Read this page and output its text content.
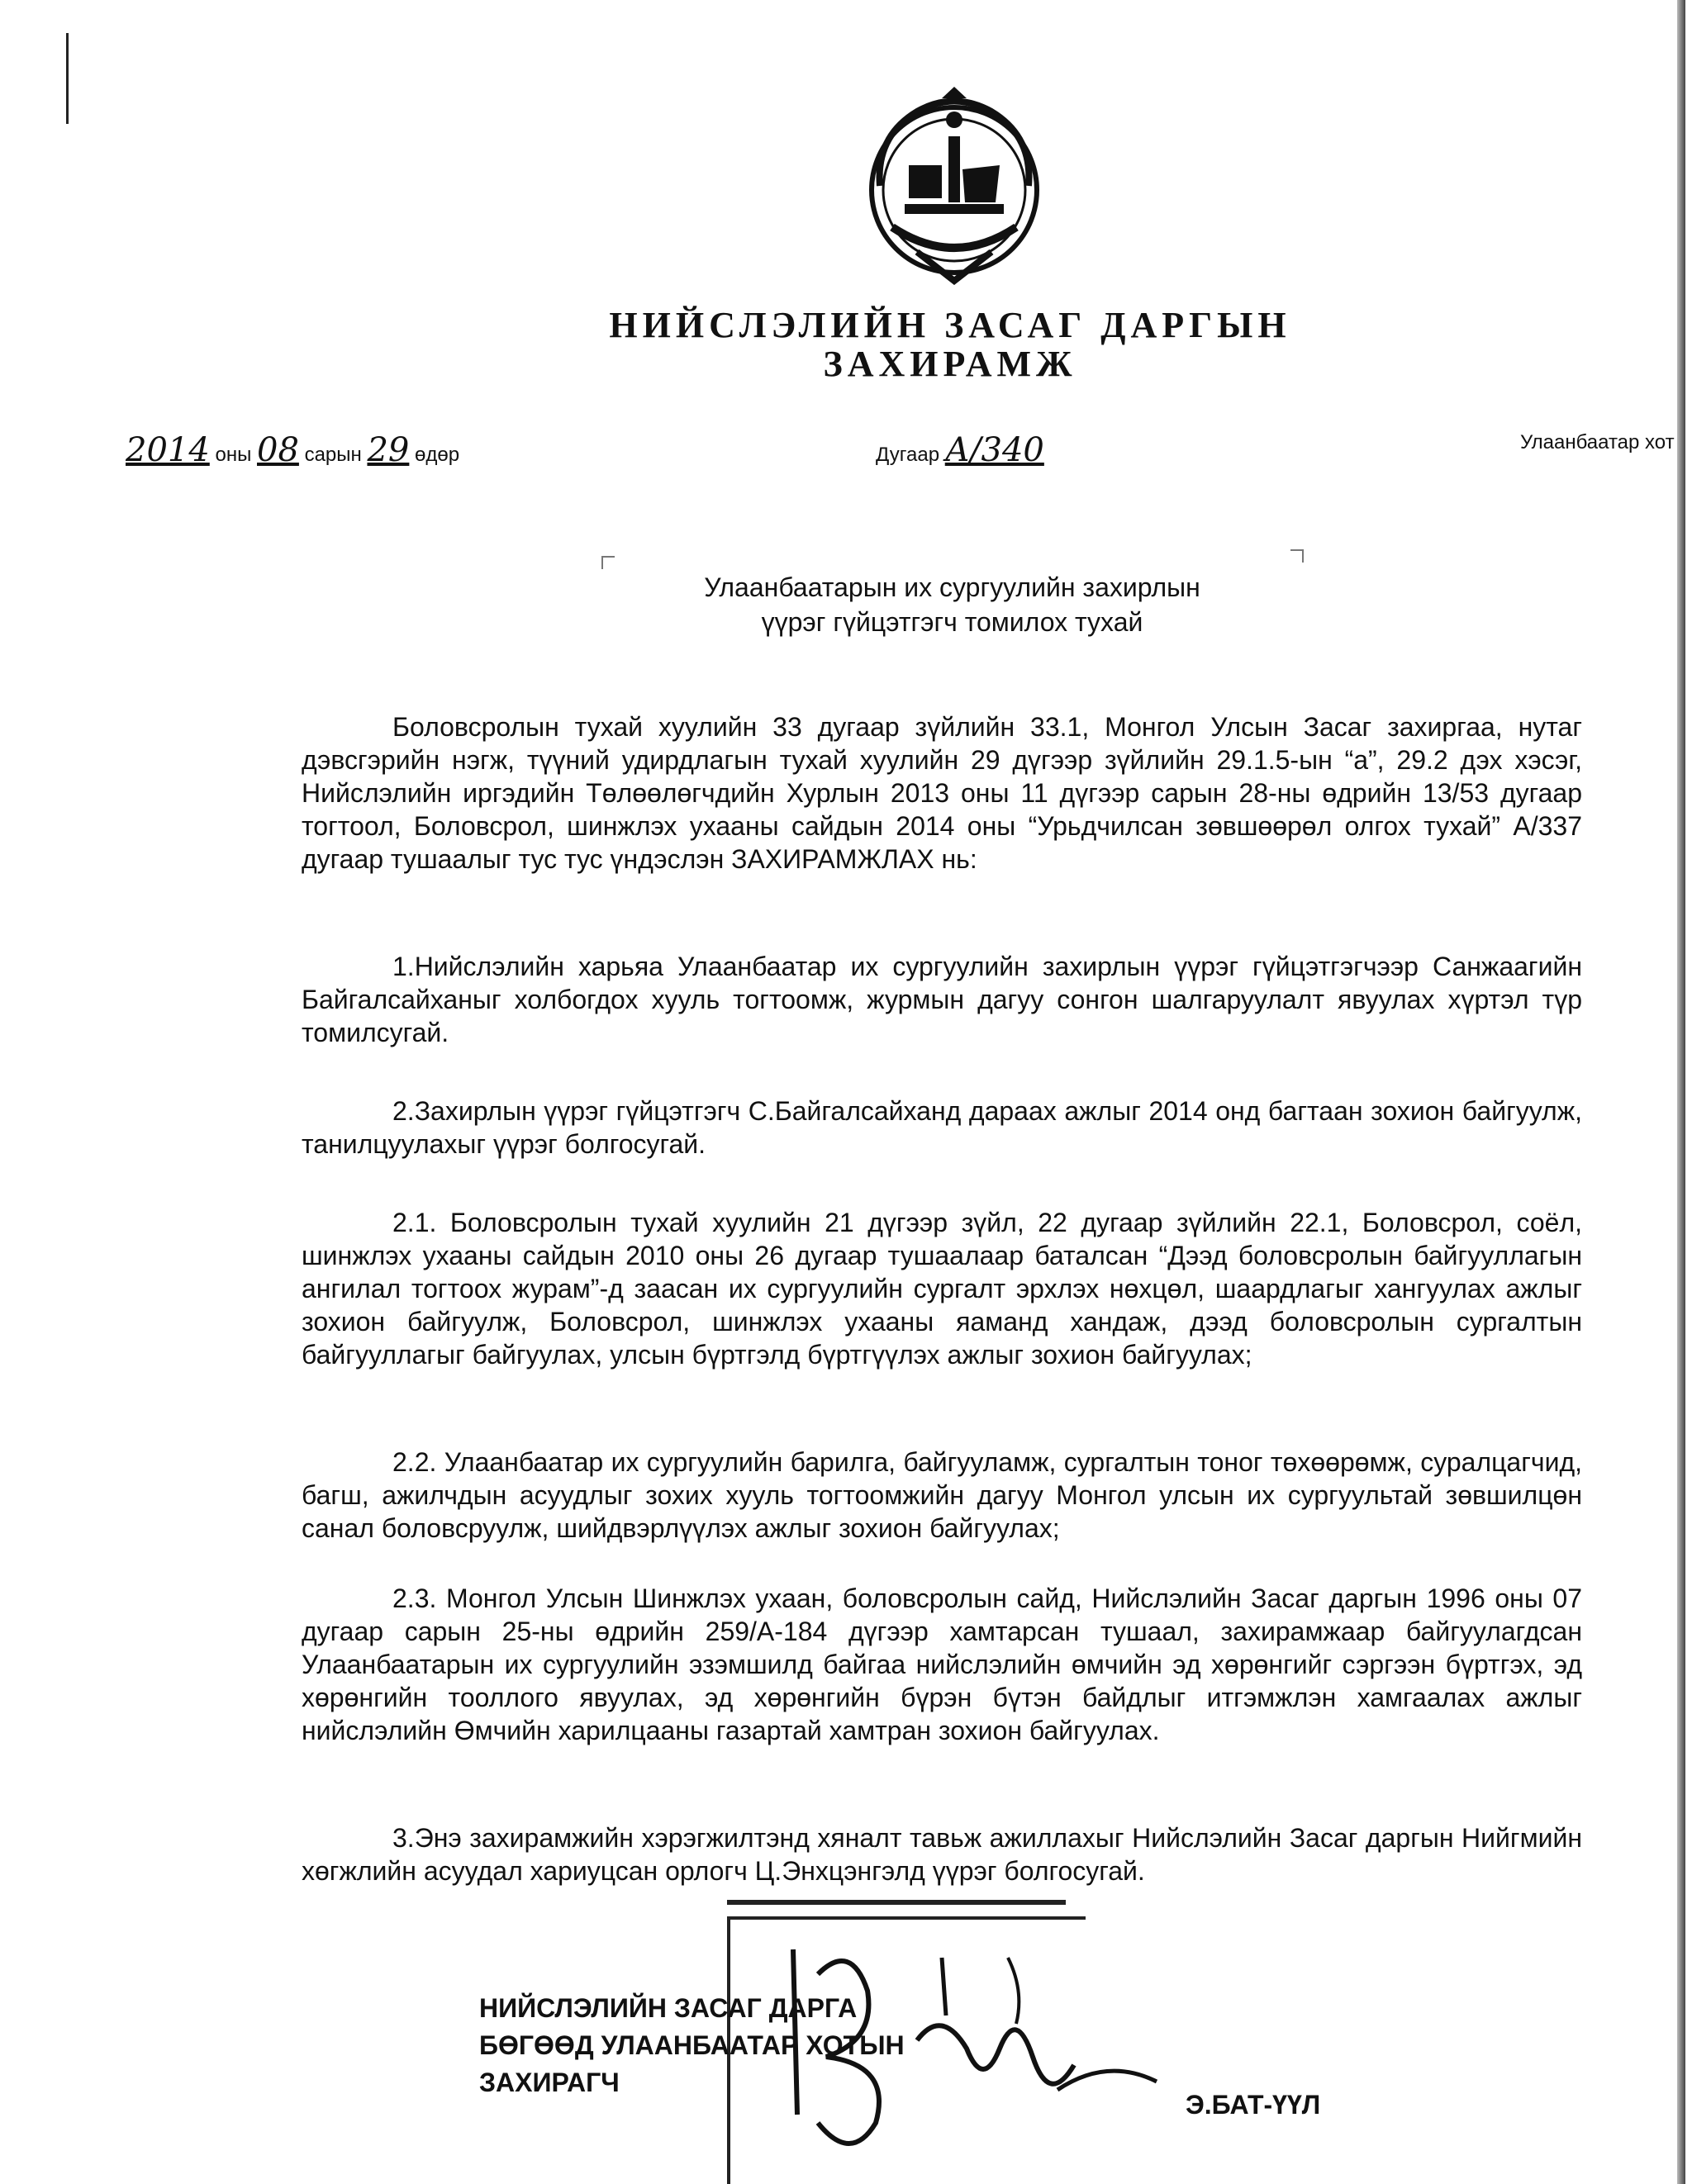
НИЙСЛЭЛИЙН ЗАСАГ ДАРГЫН
ЗАХИРАМЖ
2014 оны 08 сарын 29 өдөр	Дугаар А/340	Улаанбаатар хот
Улаанбаатарын их сургуулийн захирлын
үүрэг гүйцэтгэгч томилох тухай
Боловсролын тухай хуулийн 33 дугаар зүйлийн 33.1, Монгол Улсын Засаг захиргаа, нутаг дэвсгэрийн нэгж, түүний удирдлагын тухай хуулийн 29 дүгээр зүйлийн 29.1.5-ын “а”, 29.2 дэх хэсэг, Нийслэлийн иргэдийн Төлөөлөгчдийн Хурлын 2013 оны 11 дүгээр сарын 28-ны өдрийн 13/53 дугаар тогтоол, Боловсрол, шинжлэх ухааны сайдын 2014 оны “Урьдчилсан зөвшөөрөл олгох тухай” А/337 дугаар тушаалыг тус тус үндэслэн ЗАХИРАМЖЛАХ нь:
1.Нийслэлийн харьяа Улаанбаатар их сургуулийн захирлын үүрэг гүйцэтгэгчээр Санжаагийн Байгалсайханыг холбогдох хууль тогтоомж, журмын дагуу сонгон шалгаруулалт явуулах хүртэл түр томилсугай.
2.Захирлын үүрэг гүйцэтгэгч С.Байгалсайханд дараах ажлыг 2014 онд багтаан зохион байгуулж, танилцуулахыг үүрэг болгосугай.
2.1. Боловсролын тухай хуулийн 21 дүгээр зүйл, 22 дугаар зүйлийн 22.1, Боловсрол, соёл, шинжлэх ухааны сайдын 2010 оны 26 дугаар тушаалаар баталсан “Дээд боловсролын байгууллагын ангилал тогтоох журам”-д заасан их сургуулийн сургалт эрхлэх нөхцөл, шаардлагыг хангуулах ажлыг зохион байгуулж, Боловсрол, шинжлэх ухааны яаманд хандаж, дээд боловсролын сургалтын байгууллагыг байгуулах, улсын бүртгэлд бүртгүүлэх ажлыг зохион байгуулах;
2.2. Улаанбаатар их сургуулийн барилга, байгууламж, сургалтын тоног төхөөрөмж, суралцагчид, багш, ажилчдын асуудлыг зохих хууль тогтоомжийн дагуу Монгол улсын их сургуультай зөвшилцөн санал боловсруулж, шийдвэрлүүлэх ажлыг зохион байгуулах;
2.3. Монгол Улсын Шинжлэх ухаан, боловсролын сайд, Нийслэлийн Засаг даргын 1996 оны 07 дугаар сарын 25-ны өдрийн 259/А-184 дүгээр хамтарсан тушаал, захирамжаар байгуулагдсан Улаанбаатарын их сургуулийн эзэмшилд байгаа нийслэлийн өмчийн эд хөрөнгийг сэргээн бүртгэх, эд хөрөнгийн тооллого явуулах, эд хөрөнгийн бүрэн бүтэн байдлыг итгэмжлэн хамгаалах ажлыг нийслэлийн Өмчийн харилцааны газартай хамтран зохион байгуулах.
3.Энэ захирамжийн хэрэгжилтэнд хяналт тавьж ажиллахыг Нийслэлийн Засаг даргын Нийгмийн хөгжлийн асуудал хариуцсан орлогч Ц.Энхцэнгэлд үүрэг болгосугай.
НИЙСЛЭЛИЙН ЗАСАГ ДАРГА
БӨГӨӨД УЛААНБААТАР ХОТЫН
ЗАХИРАГЧ
Э.БАТ-ҮҮЛ
